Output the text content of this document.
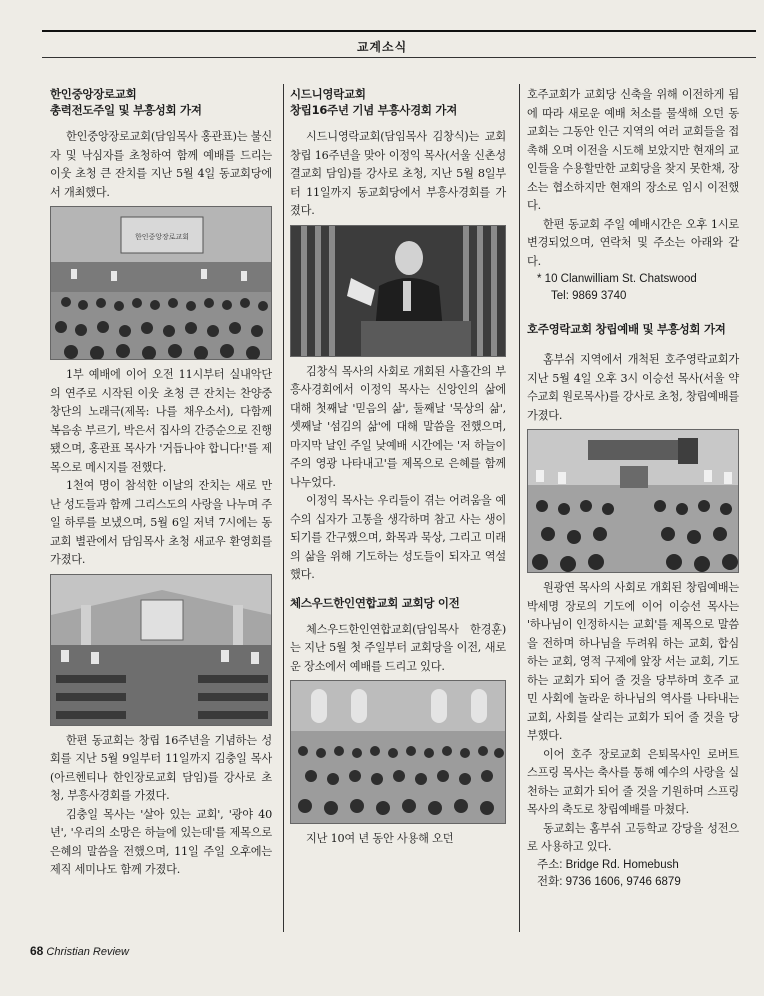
교계소식
한인중앙장로교회
총력전도주일 및 부흥성회 가져

한인중앙장로교회(담임목사 홍관표)는 불신자 및 낙심자를 초청하여 함께 예배를 드리는 이웃 초청 큰 잔치를 지난 5월 4일 동교회당에서 개최했다.

한인중앙장로교회

1부 예배에 이어 오전 11시부터 실내악단의 연주로 시작된 이웃 초청 큰 잔치는 찬양중창단의 노래극(제목: 나를 채우소서), 다함께 복음송 부르기, 박은서 집사의 간증순으로 진행됐으며, 홍관표 목사가 '거듭나야 합니다!'를 제목으로 메시지를 전했다.

1천여 명이 참석한 이날의 잔치는 새로 만난 성도들과 함께 그리스도의 사랑을 나누며 주일 하루를 보냈으며, 5월 6일 저녁 7시에는 동교회 별관에서 담임목사 초청 새교우 환영회를 가졌다.

한편 동교회는 창립 16주년을 기념하는 성회를 지난 5월 9일부터 11일까지 김충일 목사(아르헨티나 한인장로교회 담임)를 강사로 초청, 부흥사경회를 가졌다.

김충일 목사는 '살아 있는 교회', '광야 40년', '우리의 소망은 하늘에 있는데'를 제목으로 은혜의 말씀을 전했으며, 11일 주일 오후에는 제직 세미나도 함께 가졌다.

시드니영락교회
창립16주년 기념 부흥사경회 가져

시드니영락교회(담임목사 김창식)는 교회 창립 16주년을 맞아 이정익 목사(서울 신촌성결교회 담임)를 강사로 초청, 지난 5월 8일부터 11일까지 동교회당에서 부흥사경회를 가졌다.

김창식 목사의 사회로 개회된 사흘간의 부흥사경회에서 이정익 목사는 신앙인의 삶에 대해 첫째날 '믿음의 삶', 둘째날 '묵상의 삶', 셋째날 '섬김의 삶'에 대해 말씀을 전했으며, 마지막 날인 주일 낮예배 시간에는 '저 하늘이 주의 영광 나타내고'를 제목으로 은혜를 함께 나누었다.

이정익 목사는 우리들이 겪는 어려움을 예수의 십자가 고통을 생각하며 참고 사는 생이 되기를 간구했으며, 화목과 묵상, 그리고 미래의 삶을 위해 기도하는 성도들이 되자고 역설했다.

체스우드한인연합교회 교회당 이전

체스우드한인연합교회(담임목사 한경훈)는 지난 5월 첫 주일부터 교회당을 이전, 새로운 장소에서 예배를 드리고 있다.

지난 10여 년 동안 사용해 오던

호주교회가 교회당 신축을 위해 이전하게 됨에 따라 새로운 예배 처소를 물색해 오던 동교회는 그동안 인근 지역의 여러 교회들을 접촉해 오며 이전을 시도해 보았지만 현재의 교인들을 수용할만한 교회당을 찾지 못한채, 장소는 협소하지만 현재의 장소로 임시 이전했다.

한편 동교회 주일 예배시간은 오후 1시로 변경되었으며, 연락처 및 주소는 아래와 같다.

* 10 Clanwilliam St. Chatswood

Tel: 9869 3740

호주영락교회 창립예배 및 부흥성회 가져

홈부쉬 지역에서 개척된 호주영락교회가 지난 5월 4일 오후 3시 이승선 목사(서울 약수교회 원로목사)를 강사로 초청, 창립예배를 가졌다.

원광연 목사의 사회로 개회된 창립예배는 박세명 장로의 기도에 이어 이승선 목사는 '하나님이 인정하시는 교회'를 제목으로 말씀을 전하며 하나님을 두려워 하는 교회, 합심하는 교회, 영적 구제에 앞장 서는 교회, 기도하는 교회가 되어 줄 것을 당부하며 호주 교민 사회에 놀라운 하나님의 역사를 나타내는 교회, 사회를 살리는 교회가 되어 줄 것을 당부했다.

이어 호주 장로교회 은퇴목사인 로버트 스프링 목사는 축사를 통해 예수의 사랑을 실천하는 교회가 되어 줄 것을 기원하며 스프링 목사의 축도로 창립예배를 마쳤다.

동교회는 홈부쉬 고등학교 강당을 성전으로 사용하고 있다.

주소: Bridge Rd. Homebush

전화: 9736 1606, 9746 6879

68 Christian Review
